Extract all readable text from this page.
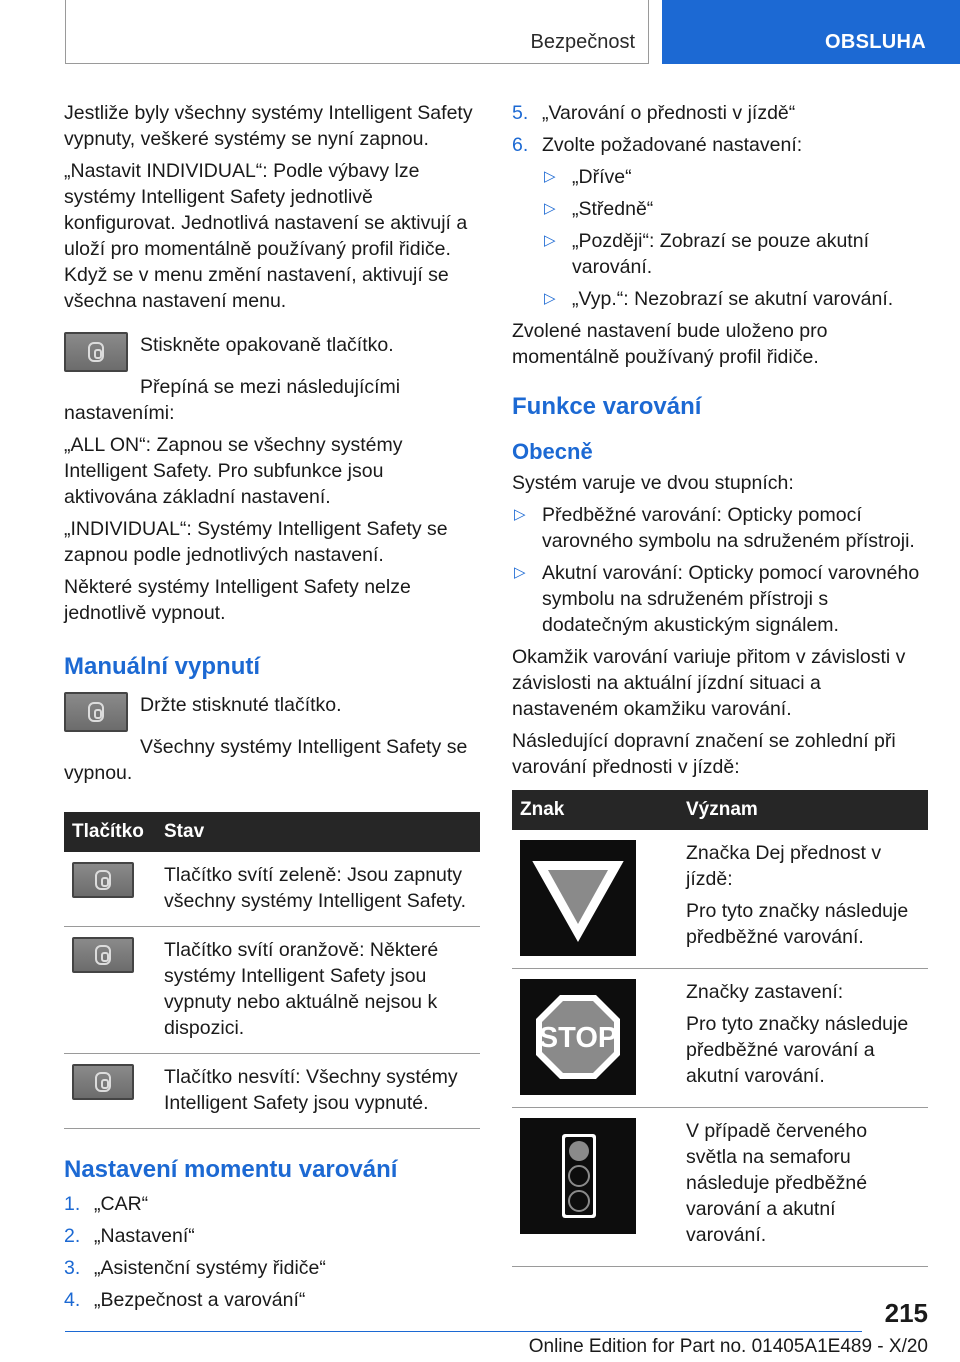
Bezpečnost	OBSLUHA

Jestliže byly všechny systémy Intelligent Safety vypnuty, veškeré systémy se nyní zapnou.

„Nastavit INDIVIDUAL“: Podle výbavy lze systémy Intelligent Safety jednotlivě konfigurovat. Jednotlivá nastavení se aktivují a uloží pro momentálně používaný profil řidiče. Když se v menu změní nastavení, aktivují se všechna nastavení menu.

Stiskněte opakovaně tlačítko.

Přepíná se mezi následujícími nastaveními:

„ALL ON“: Zapnou se všechny systémy Intelligent Safety. Pro subfunkce jsou aktivována základní nastavení.

„INDIVIDUAL“: Systémy Intelligent Safety se zapnou podle jednotlivých nastavení.

Některé systémy Intelligent Safety nelze jednotlivě vypnout.

Manuální vypnutí

Držte stisknuté tlačítko.

Všechny systémy Intelligent Safety se vypnou.

Tlačítko	Stav

	Tlačítko svítí zeleně: Jsou zapnuty všechny systémy Intelligent Safety.

	Tlačítko svítí oranžově: Některé systémy Intelligent Safety jsou vypnuty nebo aktuálně nejsou k dispozici.

	Tlačítko nesvítí: Všechny systémy Intelligent Safety jsou vypnuté.
Nastavení momentu varování
1. „CAR“
2. „Nastavení“
3. „Asistenční systémy řidiče“
4. „Bezpečnost a varování“
5. „Varování o přednosti v jízdě“
6. Zvolte požadované nastavení:
▷ „Dříve“
▷ „Středně“
▷ „Později“: Zobrazí se pouze akutní varování.
▷ „Vyp.“: Nezobrazí se akutní varování.

Zvolené nastavení bude uloženo pro momentálně používaný profil řidiče.

Funkce varování
Obecně

Systém varuje ve dvou stupních:

▷ Předběžné varování: Opticky pomocí varovného symbolu na sdruženém přístroji.
▷ Akutní varování: Opticky pomocí varovného symbolu na sdruženém přístroji s dodatečným akustickým signálem.

Okamžik varování variuje přitom v závislosti v závislosti na aktuální jízdní situaci a nastaveném okamžiku varování.

Následující dopravní značení se zohlední při varování přednosti v jízdě:

Znak	Význam

Značka Dej přednost v jízdě:

Pro tyto značky následuje předběžné varování.

STOP	Značky zastavení:

Pro tyto značky následuje předběžné varování a akutní varování.

V případě červeného světla na semaforu následuje předběžné varování a akutní varování.

215
Online Edition for Part no. 01405A1E489 - X/20
